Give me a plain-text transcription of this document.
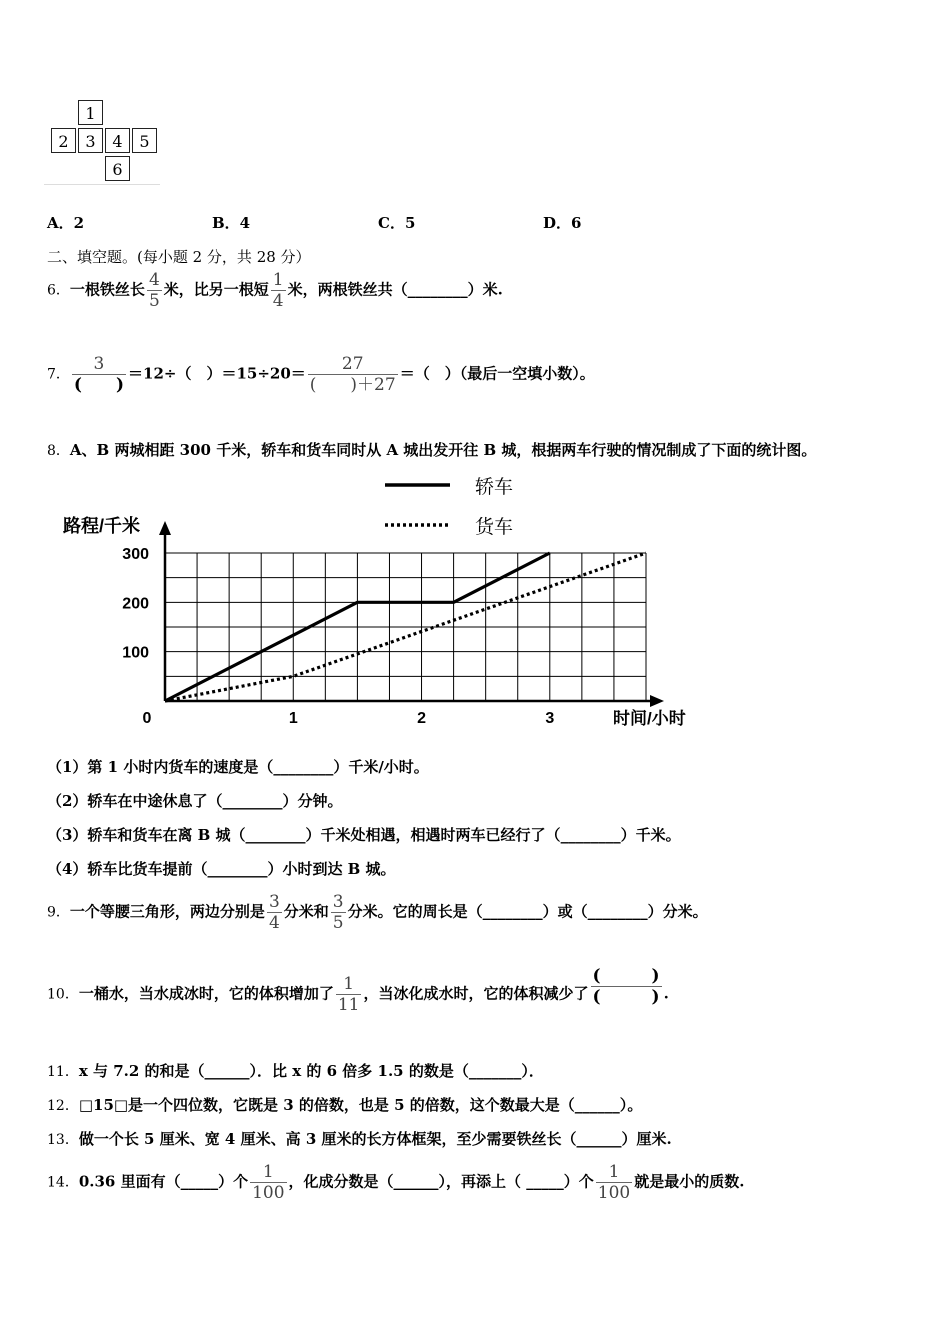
1
2	3	4	5
6
A．2	B．4	C．5	D．6
二、填空题。(每小题 2 分，共 28 分）
6．一根铁丝长 $\frac{4}{5}$ 米，比另一根短 $\frac{1}{4}$ 米，两根铁丝共（________）米.
7． $\frac{3}{( )} =12\div$（　）$=15\div 20= \frac{27}{( )+27}$ ＝（　）（最后一空填小数）。
8．A、B 两城相距 300 千米，轿车和货车同时从 A 城出发开往 B 城，根据两车行驶的情况制成了下面的统计图。
轿车
货车
路程/千米
时间/小时
100
200
300
0	1	2	3
（1）第 1 小时内货车的速度是（________）千米/小时。
（2）轿车在中途休息了（________）分钟。
（3）轿车和货车在离 B 城（________）千米处相遇，相遇时两车已经行了（________）千米。
（4）轿车比货车提前（________）小时到达 B 城。
9．一个等腰三角形，两边分别是 $\frac{3}{4}$ 分米和 $\frac{3}{5}$ 分米。它的周长是（________）或（________）分米。
10．一桶水，当水成冰时，它的体积增加了 $\frac{1}{11}$ ，当冰化成水时，它的体积减少了 $\frac{( )}{( )}$ .
11．x 与 7.2 的和是（______）．比 x 的 6 倍多 1.5 的数是（_______）．
12．□15□是一个四位数，它既是 3 的倍数，也是 5 的倍数，这个数最大是（______）。
13．做一个长 5 厘米、宽 4 厘米、高 3 厘米的长方体框架，至少需要铁丝长（______）厘米.
14．0.36 里面有（_____）个 $\frac{1}{100}$ ，化成分数是（______），再添上（ _____）个 $\frac{1}{100}$ 就是最小的质数.
